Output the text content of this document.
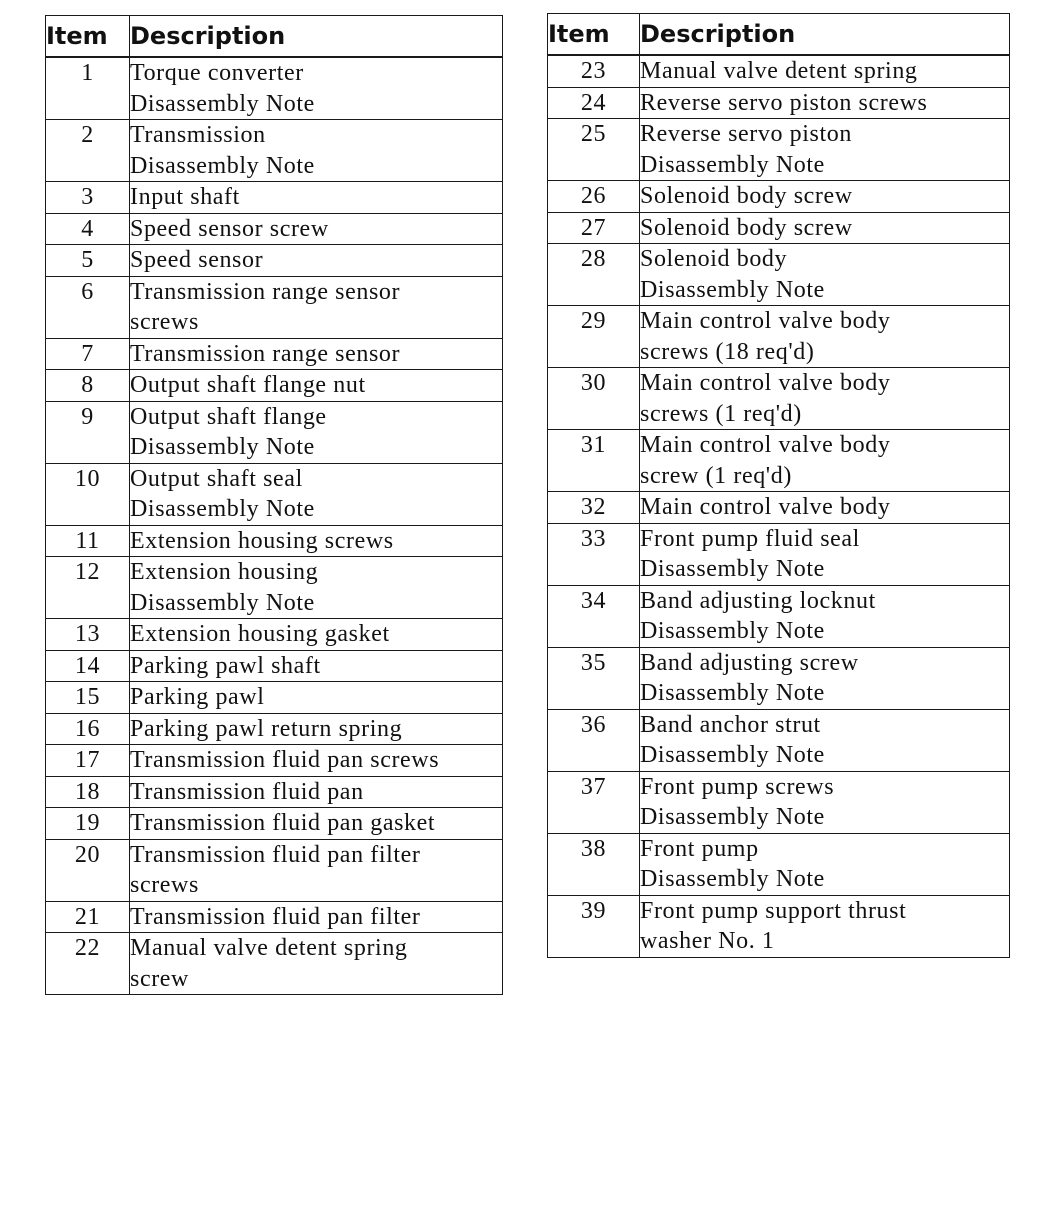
Item	Description
1	Torque converter
Disassembly Note
2	Transmission
Disassembly Note
3	Input shaft
4	Speed sensor screw
5	Speed sensor
6	Transmission range sensor
screws
7	Transmission range sensor
8	Output shaft flange nut
9	Output shaft flange
Disassembly Note
10	Output shaft seal
Disassembly Note
11	Extension housing screws
12	Extension housing
Disassembly Note
13	Extension housing gasket
14	Parking pawl shaft
15	Parking pawl
16	Parking pawl return spring
17	Transmission fluid pan screws
18	Transmission fluid pan
19	Transmission fluid pan gasket
20	Transmission fluid pan filter
screws
21	Transmission fluid pan filter
22	Manual valve detent spring
screw
Item	Description
23	Manual valve detent spring
24	Reverse servo piston screws
25	Reverse servo piston
Disassembly Note
26	Solenoid body screw
27	Solenoid body screw
28	Solenoid body
Disassembly Note
29	Main control valve body
screws (18 req'd)
30	Main control valve body
screws (1 req'd)
31	Main control valve body
screw (1 req'd)
32	Main control valve body
33	Front pump fluid seal
Disassembly Note
34	Band adjusting locknut
Disassembly Note
35	Band adjusting screw
Disassembly Note
36	Band anchor strut
Disassembly Note
37	Front pump screws
Disassembly Note
38	Front pump
Disassembly Note
39	Front pump support thrust
washer No. 1
